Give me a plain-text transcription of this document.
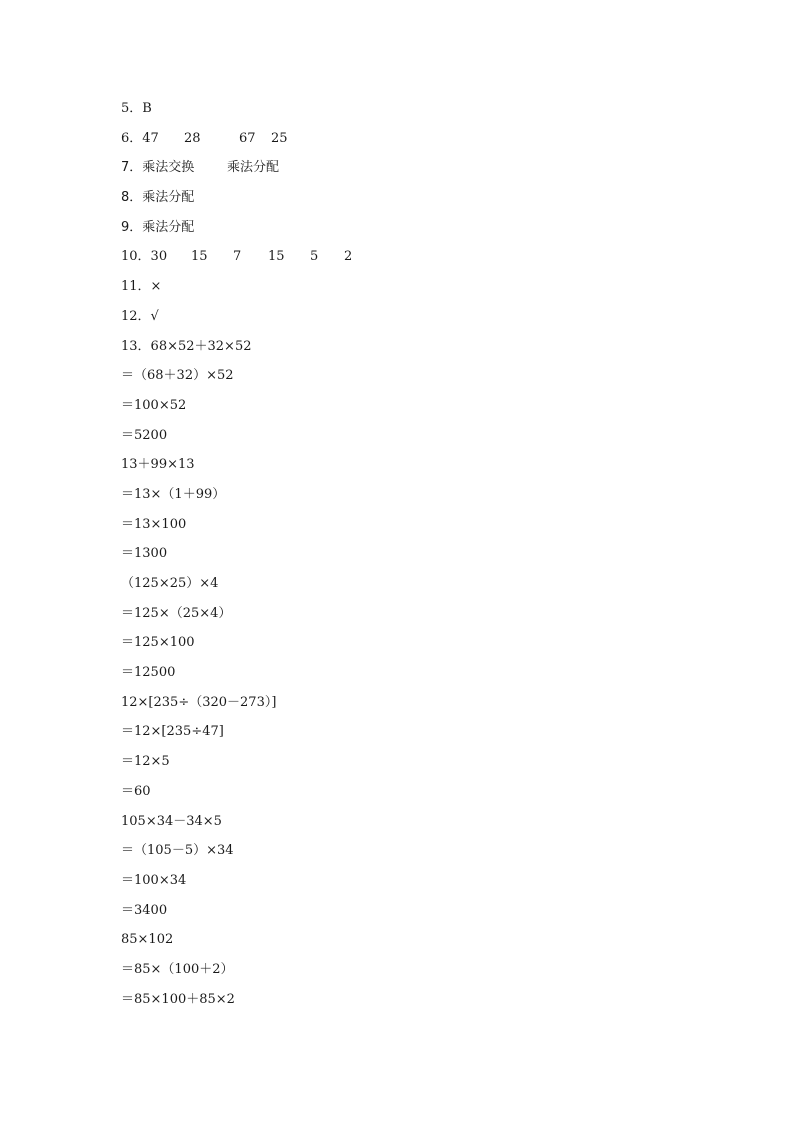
5．B
6．47	28	67	25
7．乘法交换	乘法分配
8．乘法分配
9．乘法分配
10．30	15	7	15	5	2
11．×
12．√
13．68×52＋32×52
＝（68＋32）×52
＝100×52
＝5200
13＋99×13
＝13×（1＋99）
＝13×100
＝1300
（125×25）×4
＝125×（25×4）
＝125×100
＝12500
12×[235÷（320－273）]
＝12×[235÷47]
＝12×5
＝60
105×34－34×5
＝（105－5）×34
＝100×34
＝3400
85×102
＝85×（100＋2）
＝85×100＋85×2
